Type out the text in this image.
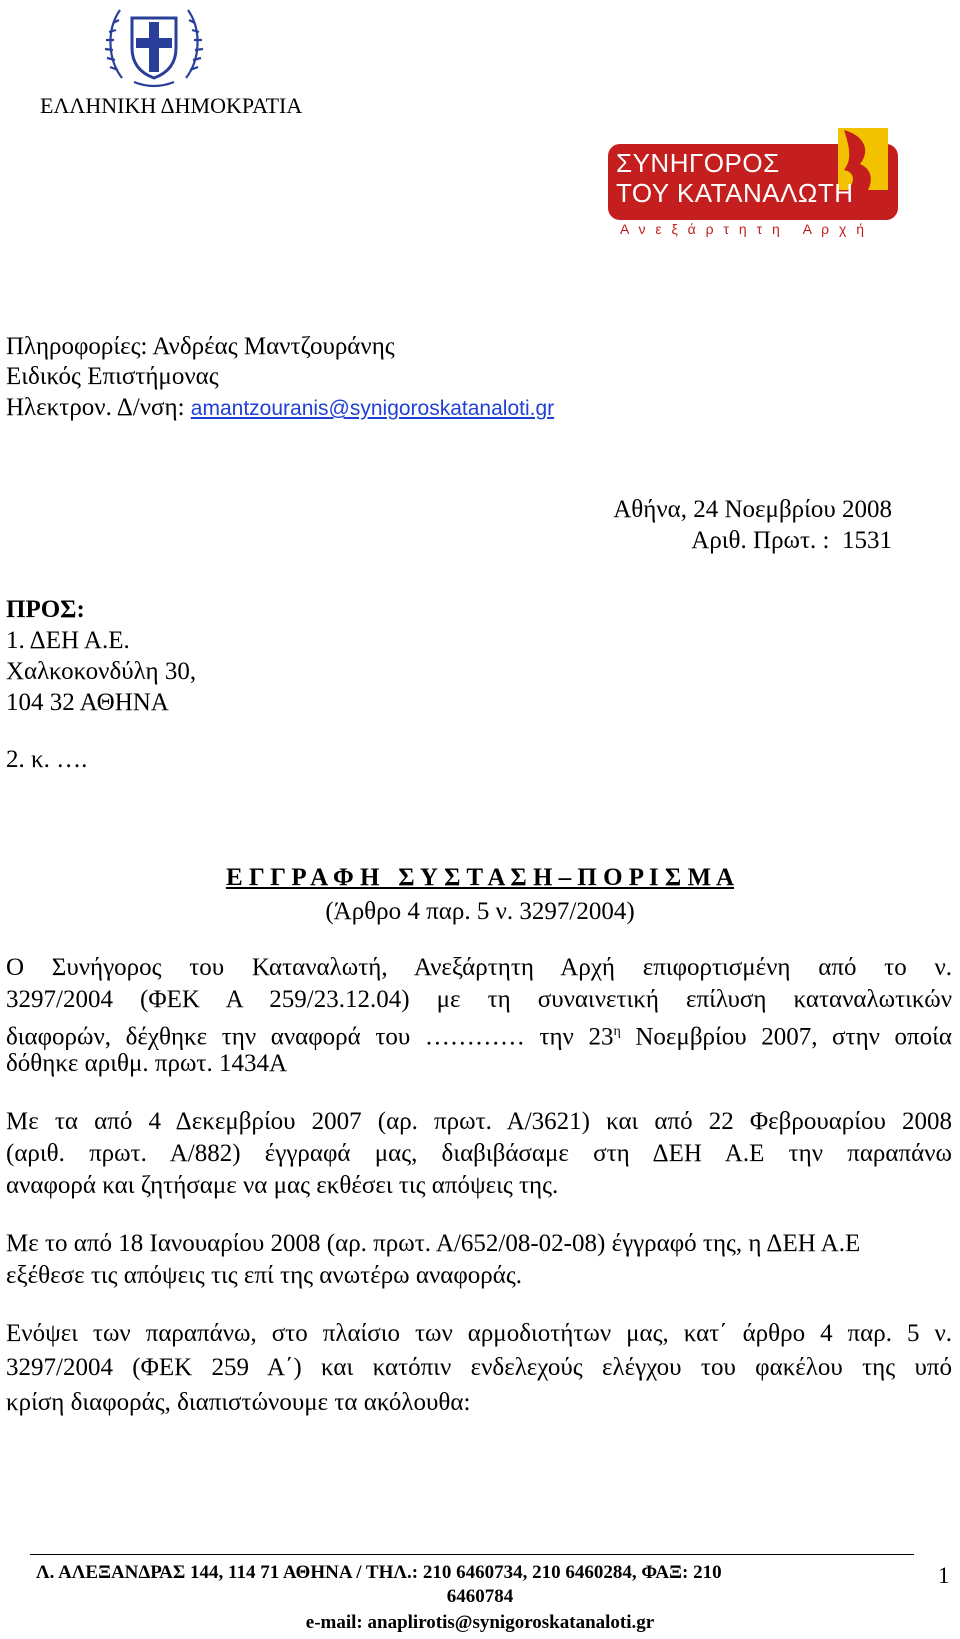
ΕΛΛΗΝΙΚΗ ΔΗΜΟΚΡΑΤΙΑ
ΣΥΝΗΓΟΡΟΣ
ΤΟΥ ΚΑΤΑΝΑΛΩΤΗ
Α ν ε ξ ά ρ τ η τ η   Α ρ χ ή
Πληροφορίες: Ανδρέας Μαντζουράνης
Ειδικός Επιστήμονας
Ηλεκτρον. Δ/νση: amantzouranis@synigoroskatanaloti.gr
Αθήνα, 24 Νοεμβρίου 2008
Αριθ. Πρωτ. :  1531
ΠΡΟΣ:
1. ΔΕΗ Α.Ε.
Χαλκοκονδύλη 30,
104 32 ΑΘΗΝΑ
2. κ. ….
Ε Γ Γ Ρ Α Φ Η   Σ Υ Σ Τ Α Σ Η – Π Ο Ρ Ι Σ Μ Α
(Άρθρο 4 παρ. 5 ν. 3297/2004)
Ο Συνήγορος του Καταναλωτή, Ανεξάρτητη Αρχή επιφορτισμένη από το ν.
3297/2004 (ΦΕΚ Α 259/23.12.04) με τη συναινετική επίλυση καταναλωτικών
διαφορών, δέχθηκε την αναφορά του ………… την $23^\eta$ Νοεμβρίου 2007, στην οποία
δόθηκε αριθμ. πρωτ. 1434Α
Με τα από 4 Δεκεμβρίου 2007 (αρ. πρωτ. Α/3621) και από 22 Φεβρουαρίου 2008
(αριθ. πρωτ. Α/882) έγγραφά μας, διαβιβάσαμε στη ΔΕΗ Α.Ε την παραπάνω
αναφορά και ζητήσαμε να μας εκθέσει τις απόψεις της.
Με το από 18 Ιανουαρίου 2008 (αρ. πρωτ. Α/652/08-02-08) έγγραφό της, η ΔΕΗ Α.Ε
εξέθεσε τις απόψεις τις επί της ανωτέρω αναφοράς.
Ενόψει των παραπάνω, στο πλαίσιο των αρμοδιοτήτων μας, κατ΄ άρθρο 4 παρ. 5 ν.
3297/2004 (ΦΕΚ 259 Α΄) και κατόπιν ενδελεχούς ελέγχου του φακέλου της υπό
κρίση διαφοράς, διαπιστώνουμε τα ακόλουθα:
Λ. ΑΛΕΞΑΝΔΡΑΣ 144, 114 71 ΑΘΗΝΑ / ΤΗΛ.: 210 6460734, 210 6460284, ΦΑΞ: 210
6460784
e-mail: anaplirotis@synigoroskatanaloti.gr
1
